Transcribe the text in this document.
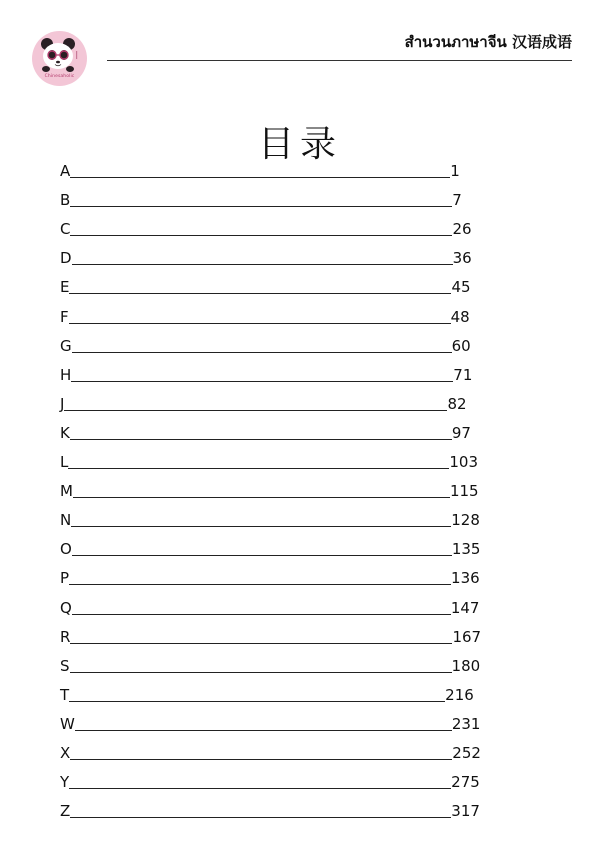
Chinesaholic
สำนวนภาษาจีน 汉语成语
目录
A	1
B	7
C	26
D	36
E	45
F	48
G	60
H	71
J	82
K	97
L	103
M	115
N	128
O	135
P	136
Q	147
R	167
S	180
T	216
W	231
X	252
Y	275
Z	317
